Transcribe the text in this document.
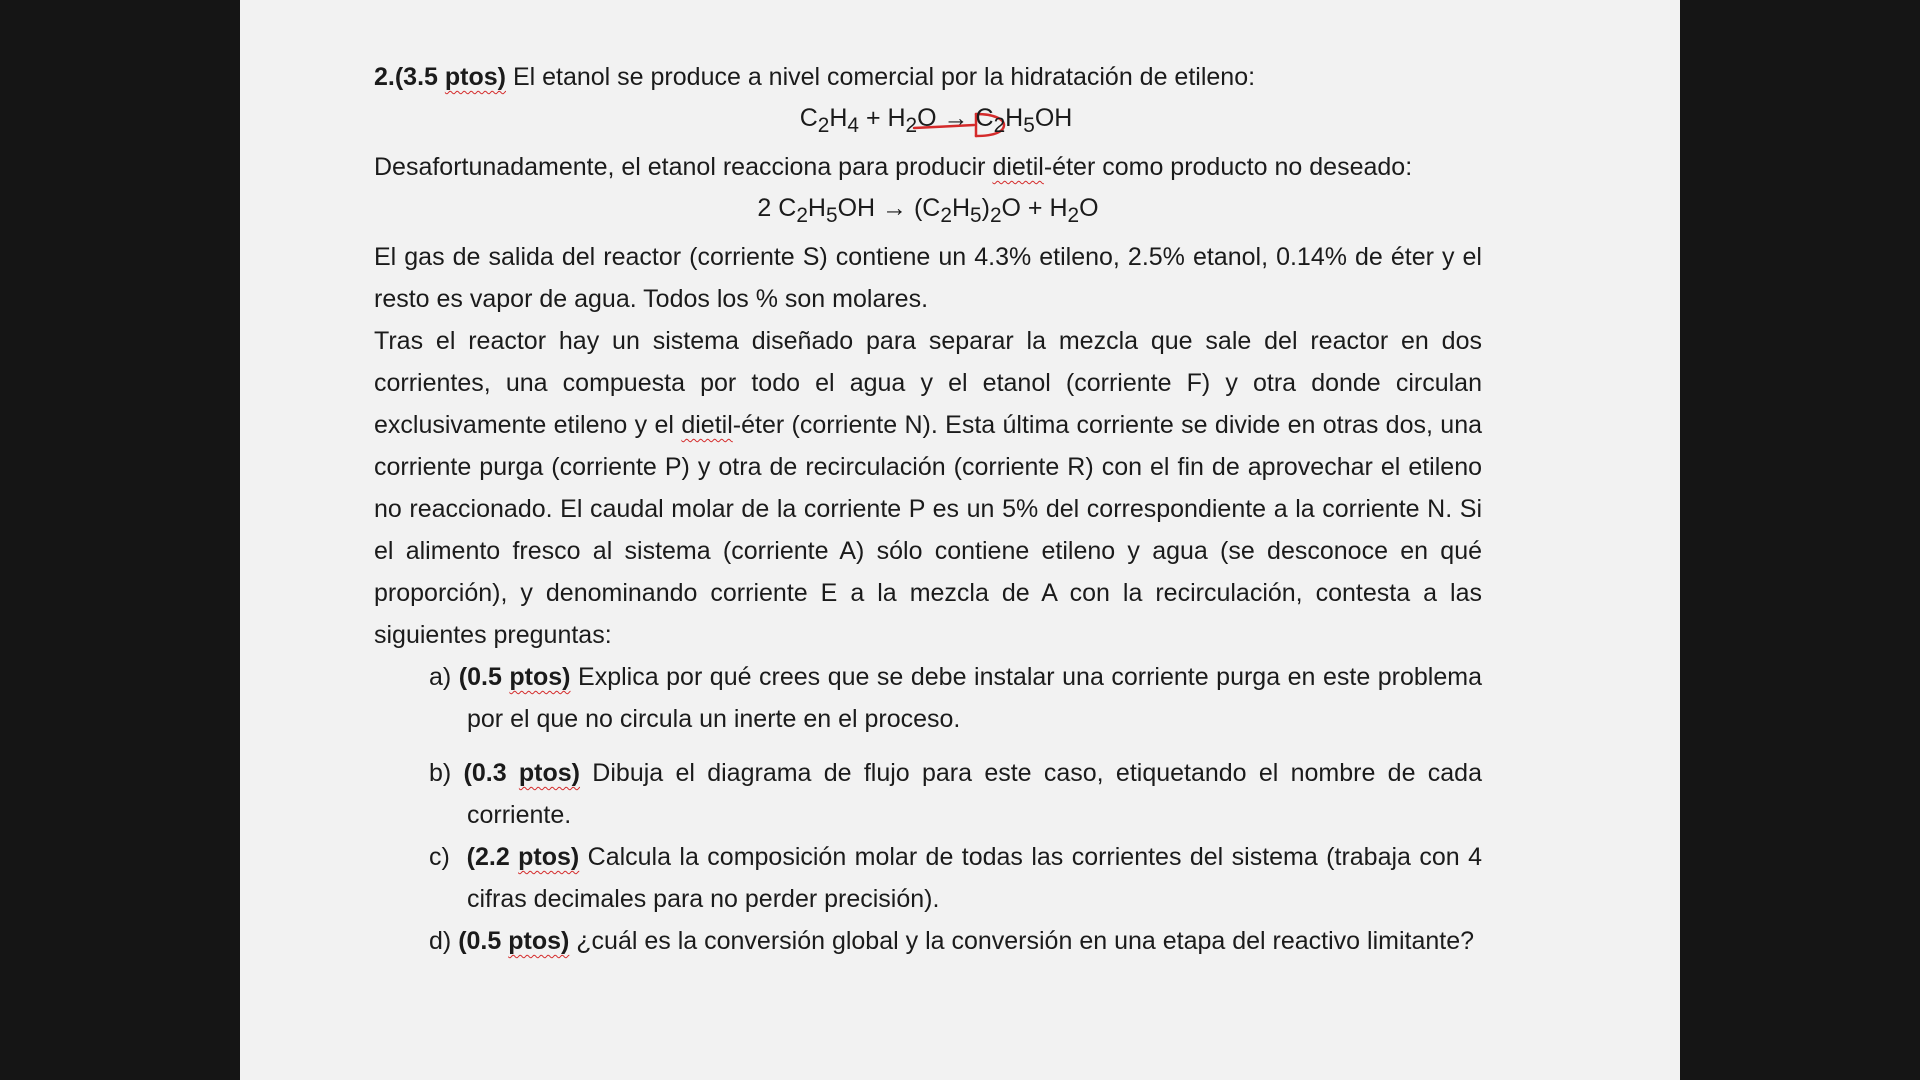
2.(3.5 ptos) El etanol se produce a nivel comercial por la hidratación de etileno:

$C_2H_4 + H_2O \to C_2H_5OH$

Desafortunadamente, el etanol reacciona para producir dietil-éter como producto no deseado:

2 $C_2H_5OH \to (C_2H_5)_2O + H_2O$

El gas de salida del reactor (corriente S) contiene un 4.3% etileno, 2.5% etanol, 0.14% de éter y el resto es vapor de agua. Todos los % son molares.

Tras el reactor hay un sistema diseñado para separar la mezcla que sale del reactor en dos corrientes, una compuesta por todo el agua y el etanol (corriente F) y otra donde circulan exclusivamente etileno y el dietil-éter (corriente N). Esta última corriente se divide en otras dos, una corriente purga (corriente P) y otra de recirculación (corriente R) con el fin de aprovechar el etileno no reaccionado. El caudal molar de la corriente P es un 5% del correspondiente a la corriente N. Si el alimento fresco al sistema (corriente A) sólo contiene etileno y agua (se desconoce en qué proporción), y denominando corriente E a la mezcla de A con la recirculación, contesta a las siguientes preguntas:

a) (0.5 ptos) Explica por qué crees que se debe instalar una corriente purga en este problema por el que no circula un inerte en el proceso.

b) (0.3 ptos) Dibuja el diagrama de flujo para este caso, etiquetando el nombre de cada corriente.

c) (2.2 ptos) Calcula la composición molar de todas las corrientes del sistema (trabaja con 4 cifras decimales para no perder precisión).

d) (0.5 ptos) ¿cuál es la conversión global y la conversión en una etapa del reactivo limitante?
